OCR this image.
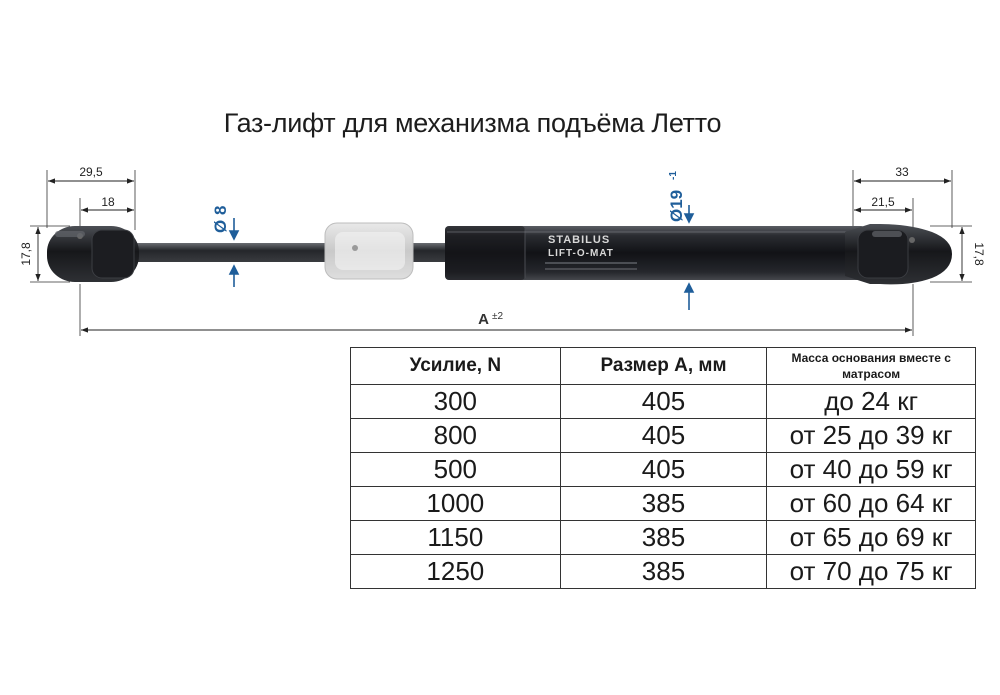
Газ-лифт для механизма подъёма Летто
29,5
18
33
21,5
17,8	17,8
A ±2
Ø 8	Ø19
-1
STABILUS
LIFT-O-MAT
Усилие, N	Размер А, мм	Масса основания вместе с матрасом
300	405	до 24 кг
800	405	от 25 до 39 кг
500	405	от 40 до 59 кг
1000	385	от 60 до 64 кг
1150	385	от 65 до 69 кг
1250	385	от 70 до 75 кг
